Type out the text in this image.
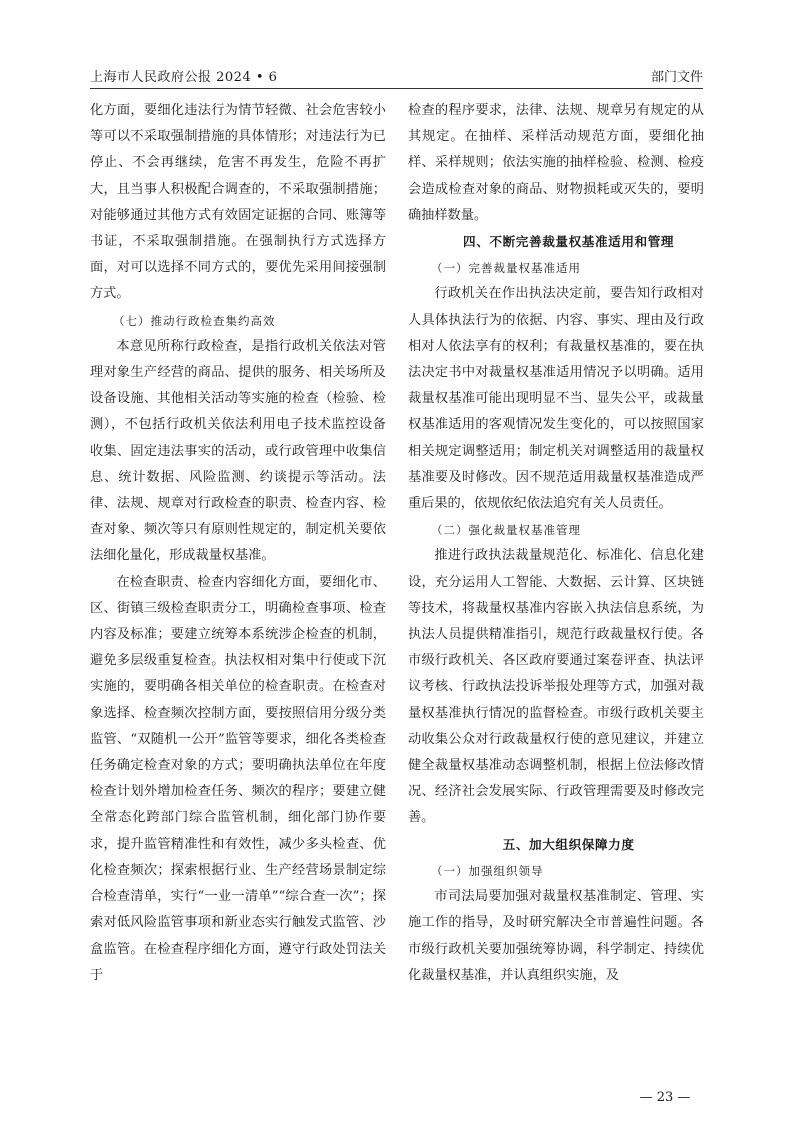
上海市人民政府公报 2024 • 6	部门文件

化方面，要细化违法行为情节轻微、社会危害较小等可以不采取强制措施的具体情形；对违法行为已停止、不会再继续，危害不再发生，危险不再扩大，且当事人积极配合调查的，不采取强制措施；对能够通过其他方式有效固定证据的合同、账簿等书证，不采取强制措施。在强制执行方式选择方面，对可以选择不同方式的，要优先采用间接强制方式。

（七）推动行政检查集约高效

本意见所称行政检查，是指行政机关依法对管理对象生产经营的商品、提供的服务、相关场所及设备设施、其他相关活动等实施的检查（检验、检测），不包括行政机关依法利用电子技术监控设备收集、固定违法事实的活动，或行政管理中收集信息、统计数据、风险监测、约谈提示等活动。法律、法规、规章对行政检查的职责、检查内容、检查对象、频次等只有原则性规定的，制定机关要依法细化量化，形成裁量权基准。

在检查职责、检查内容细化方面，要细化市、区、街镇三级检查职责分工，明确检查事项、检查内容及标准；要建立统筹本系统涉企检查的机制，避免多层级重复检查。执法权相对集中行使或下沉实施的，要明确各相关单位的检查职责。在检查对象选择、检查频次控制方面，要按照信用分级分类监管、“双随机一公开”监管等要求，细化各类检查任务确定检查对象的方式；要明确执法单位在年度检查计划外增加检查任务、频次的程序；要建立健全常态化跨部门综合监管机制，细化部门协作要求，提升监管精准性和有效性，减少多头检查、优化检查频次；探索根据行业、生产经营场景制定综合检查清单，实行“一业一清单”“综合查一次”；探索对低风险监管事项和新业态实行触发式监管、沙盒监管。在检查程序细化方面，遵守行政处罚法关于

检查的程序要求，法律、法规、规章另有规定的从其规定。在抽样、采样活动规范方面，要细化抽样、采样规则；依法实施的抽样检验、检测、检疫会造成检查对象的商品、财物损耗或灭失的，要明确抽样数量。

四、不断完善裁量权基准适用和管理

（一）完善裁量权基准适用

行政机关在作出执法决定前，要告知行政相对人具体执法行为的依据、内容、事实、理由及行政相对人依法享有的权利；有裁量权基准的，要在执法决定书中对裁量权基准适用情况予以明确。适用裁量权基准可能出现明显不当、显失公平，或裁量权基准适用的客观情况发生变化的，可以按照国家相关规定调整适用；制定机关对调整适用的裁量权基准要及时修改。因不规范适用裁量权基准造成严重后果的，依规依纪依法追究有关人员责任。

（二）强化裁量权基准管理

推进行政执法裁量规范化、标准化、信息化建设，充分运用人工智能、大数据、云计算、区块链等技术，将裁量权基准内容嵌入执法信息系统，为执法人员提供精准指引，规范行政裁量权行使。各市级行政机关、各区政府要通过案卷评查、执法评议考核、行政执法投诉举报处理等方式，加强对裁量权基准执行情况的监督检查。市级行政机关要主动收集公众对行政裁量权行使的意见建议，并建立健全裁量权基准动态调整机制，根据上位法修改情况、经济社会发展实际、行政管理需要及时修改完善。

五、加大组织保障力度

（一）加强组织领导

市司法局要加强对裁量权基准制定、管理、实施工作的指导，及时研究解决全市普遍性问题。各市级行政机关要加强统筹协调，科学制定、持续优化裁量权基准，并认真组织实施，及

— 23 —
